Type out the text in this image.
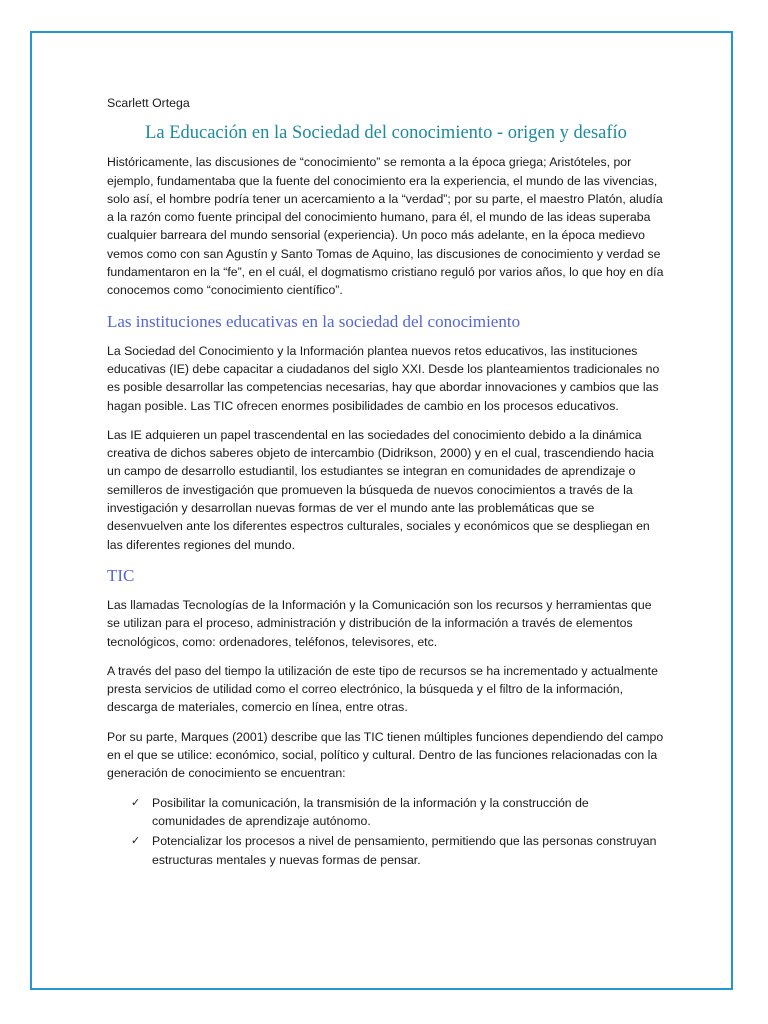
Scarlett Ortega
La Educación en la Sociedad del conocimiento - origen y desafío

Históricamente, las discusiones de “conocimiento” se remonta a la época griega; Aristóteles, por ejemplo, fundamentaba que la fuente del conocimiento era la experiencia, el mundo de las vivencias, solo así, el hombre podría tener un acercamiento a la “verdad”; por su parte, el maestro Platón, aludía a la razón como fuente principal del conocimiento humano, para él, el mundo de las ideas superaba cualquier barreara del mundo sensorial (experiencia). Un poco más adelante, en la época medievo vemos como con san Agustín y Santo Tomas de Aquino, las discusiones de conocimiento y verdad se fundamentaron en la “fe”, en el cuál, el dogmatismo cristiano reguló por varios años, lo que hoy en día conocemos como “conocimiento científico”.

Las instituciones educativas en la sociedad del conocimiento

La Sociedad del Conocimiento y la Información plantea nuevos retos educativos, las instituciones educativas (IE) debe capacitar a ciudadanos del siglo XXI. Desde los planteamientos tradicionales no es posible desarrollar las competencias necesarias, hay que abordar innovaciones y cambios que las hagan posible. Las TIC ofrecen enormes posibilidades de cambio en los procesos educativos.

Las IE adquieren un papel trascendental en las sociedades del conocimiento debido a la dinámica creativa de dichos saberes objeto de intercambio (Didrikson, 2000) y en el cual, trascendiendo hacia un campo de desarrollo estudiantil, los estudiantes se integran en comunidades de aprendizaje o semilleros de investigación que promueven la búsqueda de nuevos conocimientos a través de la investigación y desarrollan nuevas formas de ver el mundo ante las problemáticas que se desenvuelven ante los diferentes espectros culturales, sociales y económicos que se despliegan en las diferentes regiones del mundo.

TIC

Las llamadas Tecnologías de la Información y la Comunicación son los recursos y herramientas que se utilizan para el proceso, administración y distribución de la información a través de elementos tecnológicos, como: ordenadores, teléfonos, televisores, etc.

A través del paso del tiempo la utilización de este tipo de recursos se ha incrementado y actualmente presta servicios de utilidad como el correo electrónico, la búsqueda y el filtro de la información, descarga de materiales, comercio en línea, entre otras.

Por su parte, Marques (2001) describe que las TIC tienen múltiples funciones dependiendo del campo en el que se utilice: económico, social, político y cultural. Dentro de las funciones relacionadas con la generación de conocimiento se encuentran:

✓ Posibilitar la comunicación, la transmisión de la información y la construcción de comunidades de aprendizaje autónomo.
✓ Potencializar los procesos a nivel de pensamiento, permitiendo que las personas construyan estructuras mentales y nuevas formas de pensar.
